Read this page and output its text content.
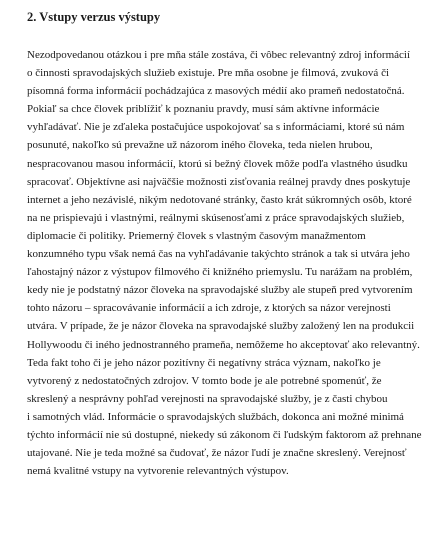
2. Vstupy verzus výstupy
Nezodpovedanou otázkou i pre mňa stále zostáva, či vôbec relevantný zdroj informácií
o činnosti spravodajských služieb existuje. Pre mňa osobne je filmová, zvuková či
písomná forma informácií pochádzajúca z masových médií ako prameň nedostatočná.
Pokiaľ sa chce človek priblížiť k poznaniu pravdy, musí sám aktívne informácie
vyhľadávať. Nie je zďaleka postačujúce uspokojovať sa s informáciami, ktoré sú nám
posunuté, nakoľko sú prevažne už názorom iného človeka, teda nielen hrubou,
nespracovanou masou informácií, ktorú si bežný človek môže podľa vlastného úsudku
spracovať. Objektívne asi najväčšie možnosti zisťovania reálnej pravdy dnes poskytuje
internet a jeho nezávislé, nikým nedotované stránky, často krát súkromných osôb, ktoré
na ne prispievajú i vlastnými, reálnymi skúsenosťami z práce spravodajských služieb,
diplomacie či politiky. Priemerný človek s vlastným časovým manažmentom
konzumného typu však nemá čas na vyhľadávanie takýchto stránok a tak si utvára jeho
ľahostajný názor z výstupov filmového či knižného priemyslu. Tu narážam na problém,
kedy nie je podstatný názor človeka na spravodajské služby ale stupeň pred vytvorením
tohto názoru – spracovávanie informácií a ich zdroje, z ktorých sa názor verejnosti
utvára. V prípade, že je názor človeka na spravodajské služby založený len na produkcii
Hollywoodu či iného jednostranného prameňa, nemôžeme ho akceptovať ako relevantný.
Teda fakt toho či je jeho názor pozitívny či negatívny stráca význam, nakoľko je
vytvorený z nedostatočných zdrojov. V tomto bode je ale potrebné spomenúť, že
skreslený a nesprávny pohľad verejnosti na spravodajské služby, je z časti chybou
i samotných vlád. Informácie o spravodajských službách, dokonca ani možné minimá
týchto informácií nie sú dostupné, niekedy sú zákonom či ľudským faktorom až prehnane
utajované. Nie je teda možné sa čudovať, že názor ľudí je značne skreslený. Verejnosť
nemá kvalitné vstupy na vytvorenie relevantných výstupov.
